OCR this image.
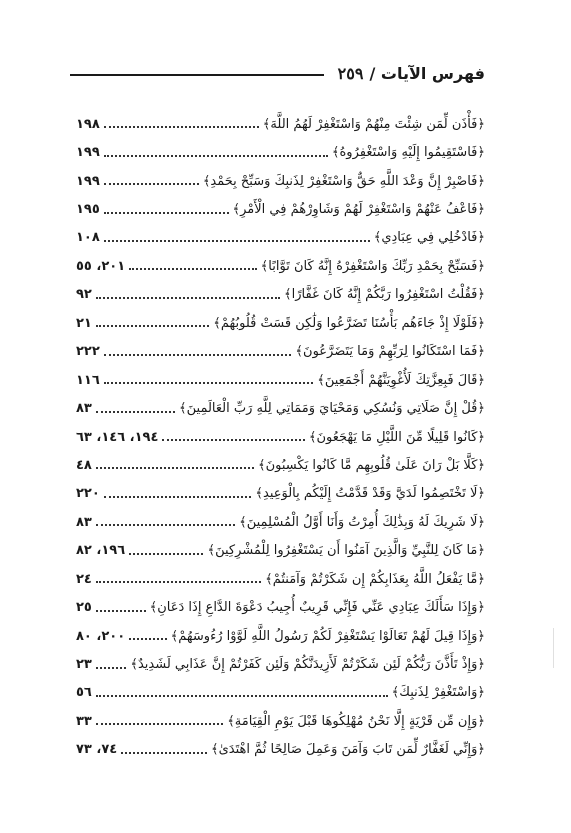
فهرس الآيات /
٢٥٩
﴿فَأْذَن لِّمَن شِئْتَ مِنْهُمْ وَاسْتَغْفِرْ لَهُمُ اللَّهَ﴾
١٩٨
﴿فَاسْتَقِيمُوا إِلَيْهِ وَاسْتَغْفِرُوهُ﴾
١٩٩
﴿فَاصْبِرْ إِنَّ وَعْدَ اللَّهِ حَقٌّ وَاسْتَغْفِرْ لِذَنبِكَ وَسَبِّحْ بِحَمْدِ﴾
١٩٩
﴿فَاعْفُ عَنْهُمْ وَاسْتَغْفِرْ لَهُمْ وَشَاوِرْهُمْ فِي الْأَمْرِ﴾
١٩٥
﴿فَادْخُلِي فِي عِبَادِي﴾
١٠٨
﴿فَسَبِّحْ بِحَمْدِ رَبِّكَ وَاسْتَغْفِرْهُ إِنَّهُ كَانَ تَوَّابًا﴾
٢٠١، ٥٥
﴿فَقُلْتُ اسْتَغْفِرُوا رَبَّكُمْ إِنَّهُ كَانَ غَفَّارًا﴾
٩٢
﴿فَلَوْلَا إِذْ جَاءَهُم بَأْسُنَا تَضَرَّعُوا وَلَٰكِن قَسَتْ قُلُوبُهُمْ﴾
٢١
﴿فَمَا اسْتَكَانُوا لِرَبِّهِمْ وَمَا يَتَضَرَّعُونَ﴾
٢٢٢
﴿قَالَ فَبِعِزَّتِكَ لَأُغْوِيَنَّهُمْ أَجْمَعِينَ﴾
١١٦
﴿قُلْ إِنَّ صَلَاتِي وَنُسُكِي وَمَحْيَايَ وَمَمَاتِي لِلَّهِ رَبِّ الْعَالَمِينَ﴾
٨٣
﴿كَانُوا قَلِيلًا مِّنَ اللَّيْلِ مَا يَهْجَعُونَ﴾
١٩٤، ١٤٦، ٦٣
﴿كَلَّا بَلْ رَانَ عَلَىٰ قُلُوبِهِم مَّا كَانُوا يَكْسِبُونَ﴾
٤٨
﴿لَا تَخْتَصِمُوا لَدَيَّ وَقَدْ قَدَّمْتُ إِلَيْكُم بِالْوَعِيدِ﴾
٢٢٠
﴿لَا شَرِيكَ لَهُ وَبِذَٰلِكَ أُمِرْتُ وَأَنَا أَوَّلُ الْمُسْلِمِينَ﴾
٨٣
﴿مَا كَانَ لِلنَّبِيِّ وَالَّذِينَ آمَنُوا أَن يَسْتَغْفِرُوا لِلْمُشْرِكِينَ﴾
١٩٦، ٨٢
﴿مَّا يَفْعَلُ اللَّهُ بِعَذَابِكُمْ إِن شَكَرْتُمْ وَآمَنتُمْ﴾
٢٤
﴿وَإِذَا سَأَلَكَ عِبَادِي عَنِّي فَإِنِّي قَرِيبٌ أُجِيبُ دَعْوَةَ الدَّاعِ إِذَا دَعَانِ﴾
٢٥
﴿وَإِذَا قِيلَ لَهُمْ تَعَالَوْا يَسْتَغْفِرْ لَكُمْ رَسُولُ اللَّهِ لَوَّوْا رُءُوسَهُمْ﴾
٢٠٠، ٨٠
﴿وَإِذْ تَأَذَّنَ رَبُّكُمْ لَئِن شَكَرْتُمْ لَأَزِيدَنَّكُمْ وَلَئِن كَفَرْتُمْ إِنَّ عَذَابِي لَشَدِيدٌ﴾
٢٣
﴿وَاسْتَغْفِرْ لِذَنبِكَ﴾
٥٦
﴿وَإِن مِّن قَرْيَةٍ إِلَّا نَحْنُ مُهْلِكُوهَا قَبْلَ يَوْمِ الْقِيَامَةِ﴾
٣٣
﴿وَإِنِّي لَغَفَّارٌ لِّمَن تَابَ وَآمَنَ وَعَمِلَ صَالِحًا ثُمَّ اهْتَدَىٰ﴾
٧٤، ٧٣
